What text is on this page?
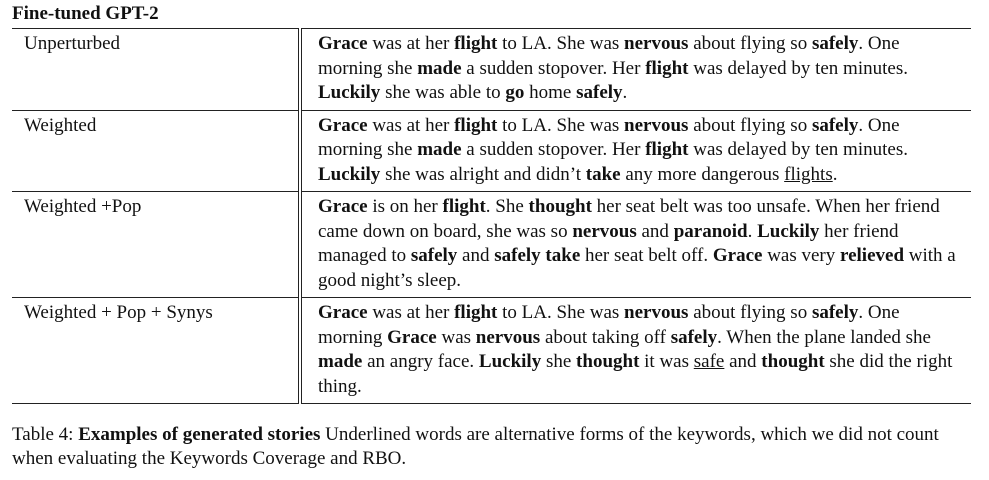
Fine-tuned GPT-2

Unperturbed	Grace was at her flight to LA. She was nervous about flying so safely. One morning she made a sudden stopover. Her flight was delayed by ten minutes. Luckily she was able to go home safely.
Weighted	Grace was at her flight to LA. She was nervous about flying so safely. One morning she made a sudden stopover. Her flight was delayed by ten minutes. Luckily she was alright and didn’t take any more dangerous flights.
Weighted +Pop	Grace is on her flight. She thought her seat belt was too unsafe. When her friend came down on board, she was so nervous and paranoid. Luckily her friend managed to safely and safely take her seat belt off. Grace was very relieved with a good night’s sleep.
Weighted + Pop + Synys	Grace was at her flight to LA. She was nervous about flying so safely. One morning Grace was nervous about taking off safely. When the plane landed she made an angry face. Luckily she thought it was safe and thought she did the right thing.

Table 4: Examples of generated stories Underlined words are alternative forms of the keywords, which we did not count when evaluating the Keywords Coverage and RBO.
